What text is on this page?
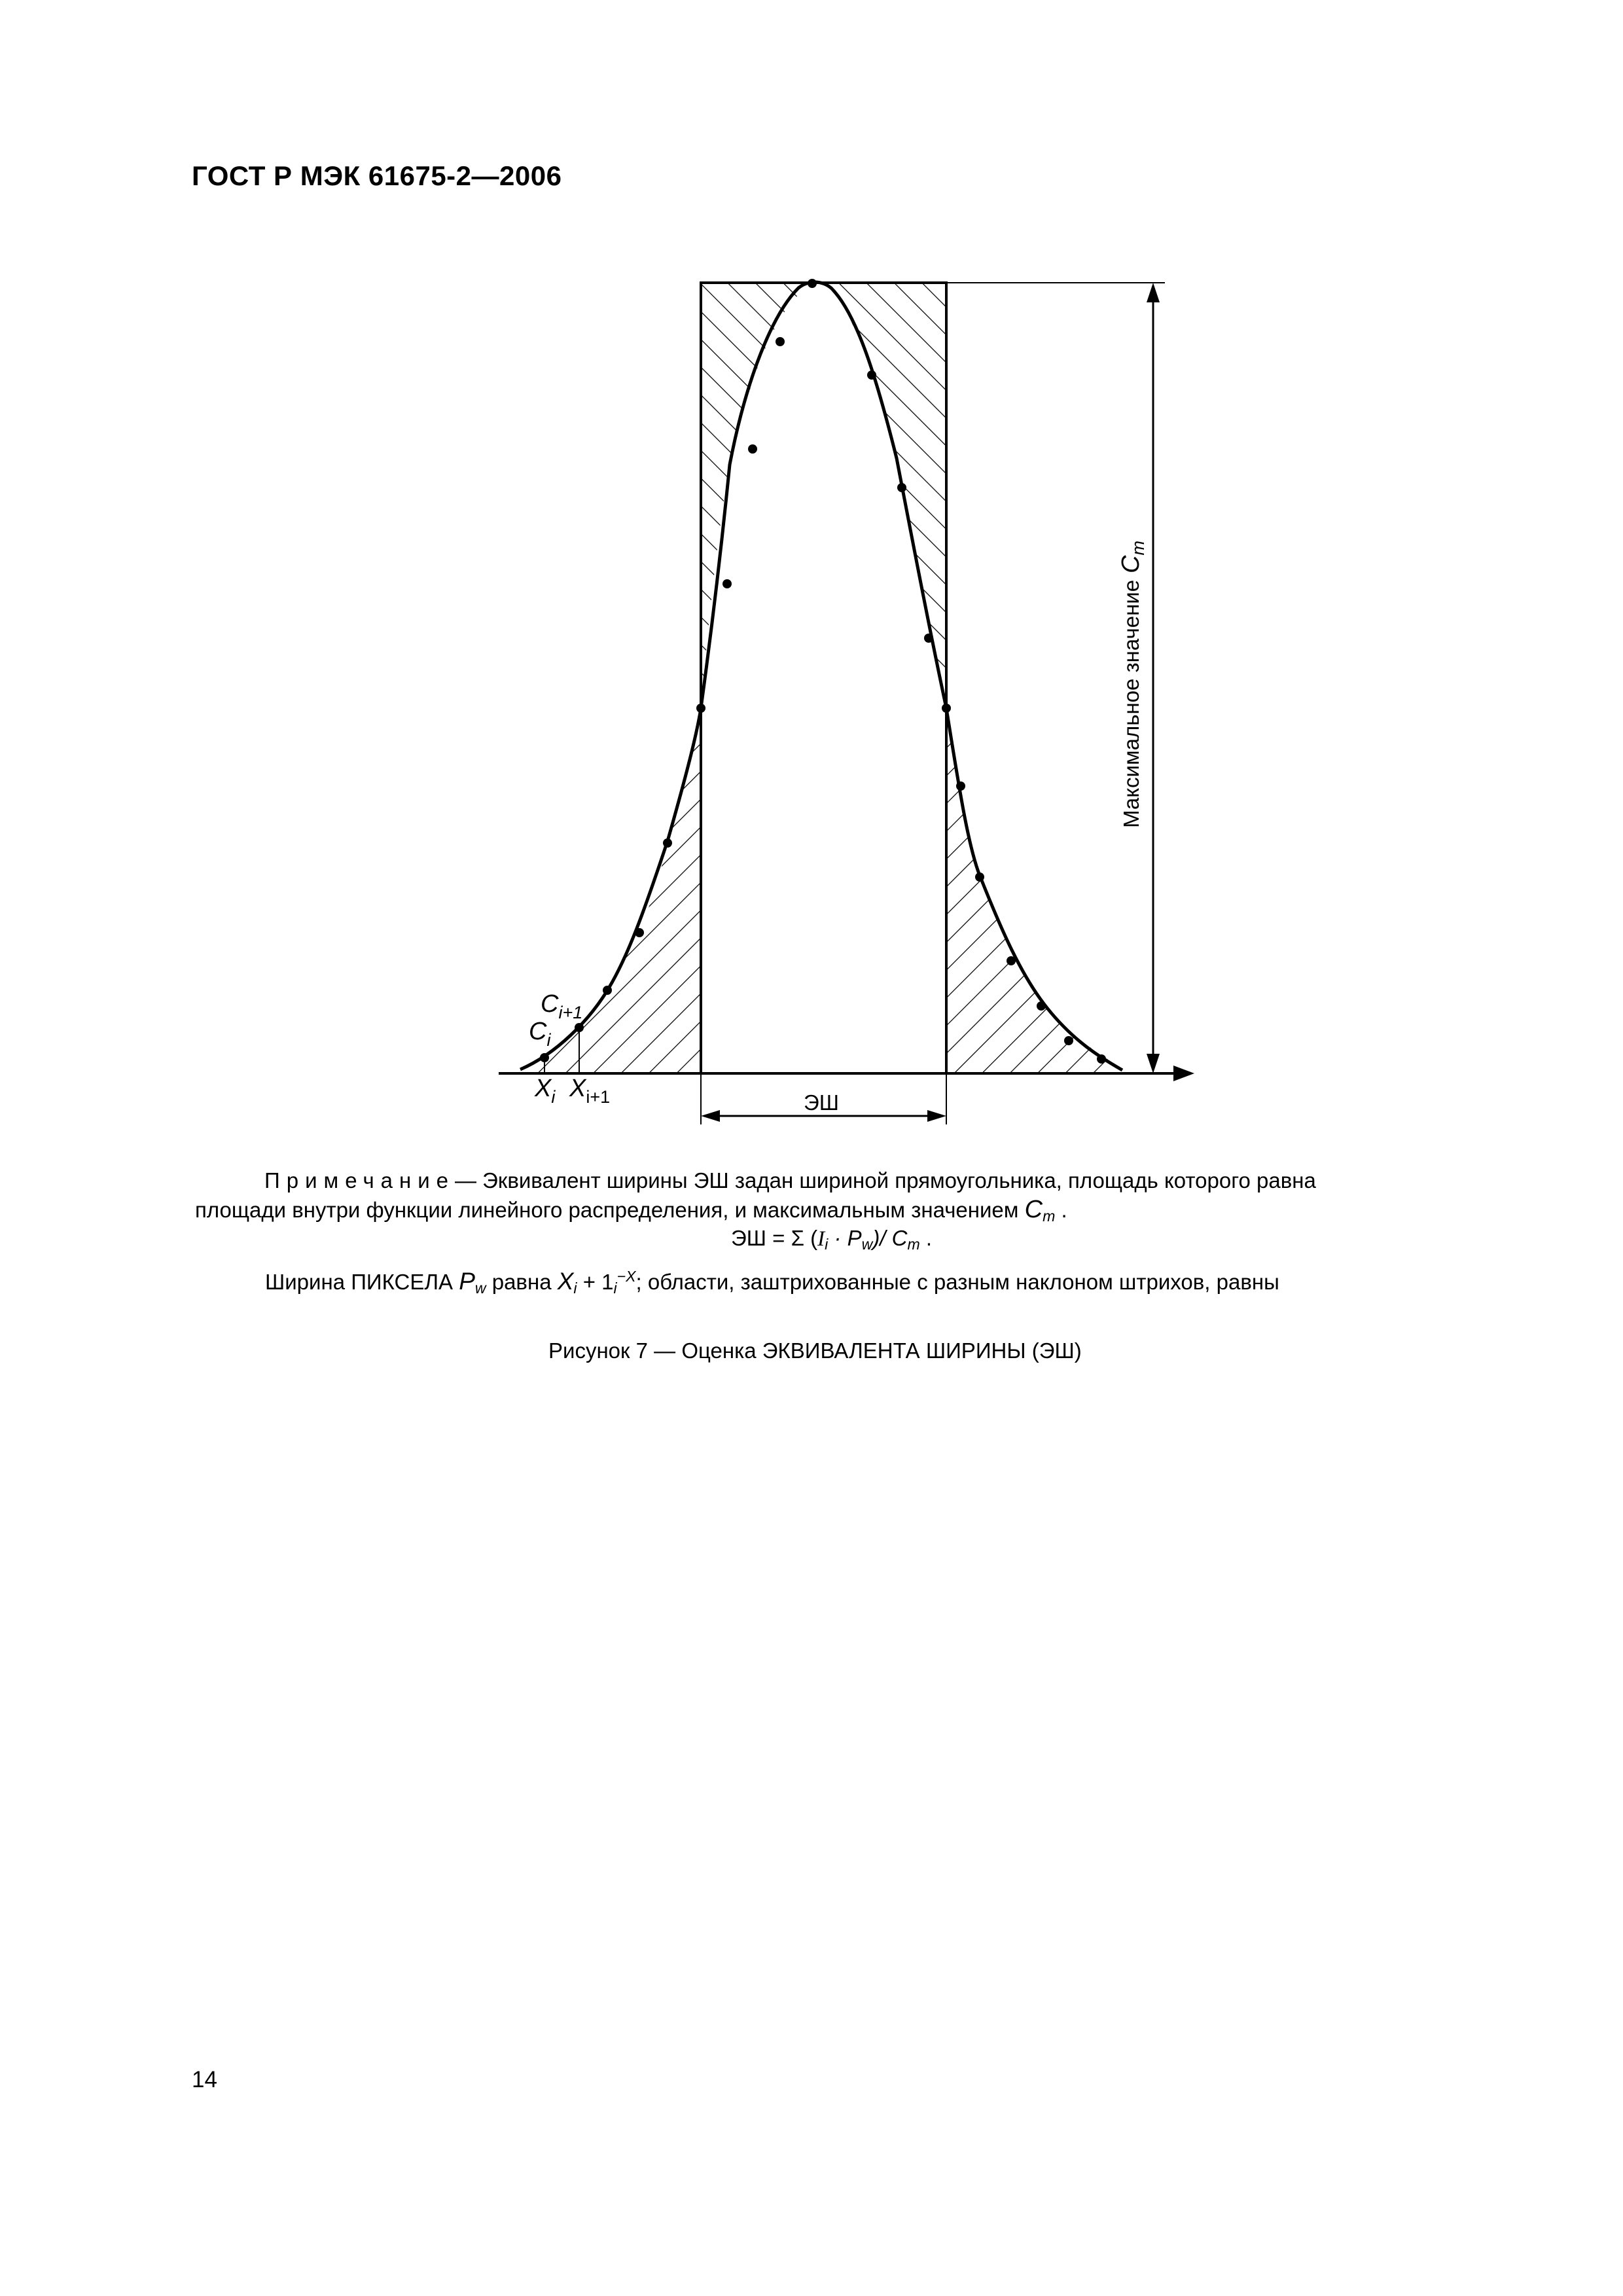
ГОСТ Р МЭК 61675-2—2006
$C_{i+1}$
$C_i$
$X_i$ $X_{i+1}$	ЭШ
Максимальное значениеC$_m$
Примечание— Эквивалент ширины ЭШ задан шириной прямоугольника, площадь которого равна
площади внутри функции линейного распределения, и максимальным значением $C_m$ .
ЭШ = Σ $(I_i \cdot P_w)/$ $C_m$ .
Ширина ПИКСЕЛА $P_w$ равна $X_i + 1_i^{-X}$; области, заштрихованные с разным наклоном штрихов, равны
Рисунок 7 — Оценка ЭКВИВАЛЕНТА ШИРИНЫ (ЭШ)
14
